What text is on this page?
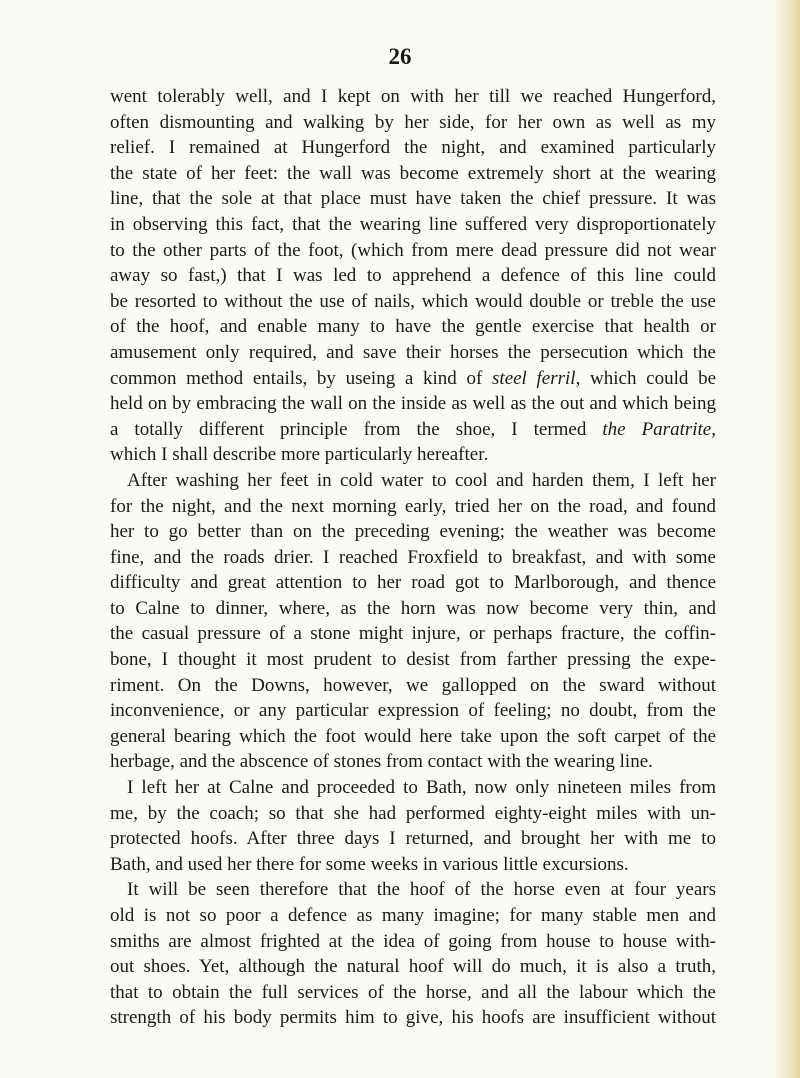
26
went tolerably well, and I kept on with her till we reached Hungerford,
often dismounting and walking by her side, for her own as well as my
relief. I remained at Hungerford the night, and examined particularly
the state of her feet: the wall was become extremely short at the wearing
line, that the sole at that place must have taken the chief pressure. It was
in observing this fact, that the wearing line suffered very disproportionately
to the other parts of the foot, (which from mere dead pressure did not wear
away so fast,) that I was led to apprehend a defence of this line could
be resorted to without the use of nails, which would double or treble the use
of the hoof, and enable many to have the gentle exercise that health or
amusement only required, and save their horses the persecution which the
common method entails, by useing a kind of steel ferril, which could be
held on by embracing the wall on the inside as well as the out and which being
a totally different principle from the shoe, I termed the Paratrite,
which I shall describe more particularly hereafter.
After washing her feet in cold water to cool and harden them, I left her
for the night, and the next morning early, tried her on the road, and found
her to go better than on the preceding evening; the weather was become
fine, and the roads drier. I reached Froxfield to breakfast, and with some
difficulty and great attention to her road got to Marlborough, and thence
to Calne to dinner, where, as the horn was now become very thin, and
the casual pressure of a stone might injure, or perhaps fracture, the coffin-
bone, I thought it most prudent to desist from farther pressing the expe-
riment. On the Downs, however, we gallopped on the sward without
inconvenience, or any particular expression of feeling; no doubt, from the
general bearing which the foot would here take upon the soft carpet of the
herbage, and the abscence of stones from contact with the wearing line.
I left her at Calne and proceeded to Bath, now only nineteen miles from
me, by the coach; so that she had performed eighty-eight miles with un-
protected hoofs. After three days I returned, and brought her with me to
Bath, and used her there for some weeks in various little excursions.
It will be seen therefore that the hoof of the horse even at four years
old is not so poor a defence as many imagine; for many stable men and
smiths are almost frighted at the idea of going from house to house with-
out shoes. Yet, although the natural hoof will do much, it is also a truth,
that to obtain the full services of the horse, and all the labour which the
strength of his body permits him to give, his hoofs are insufficient without
